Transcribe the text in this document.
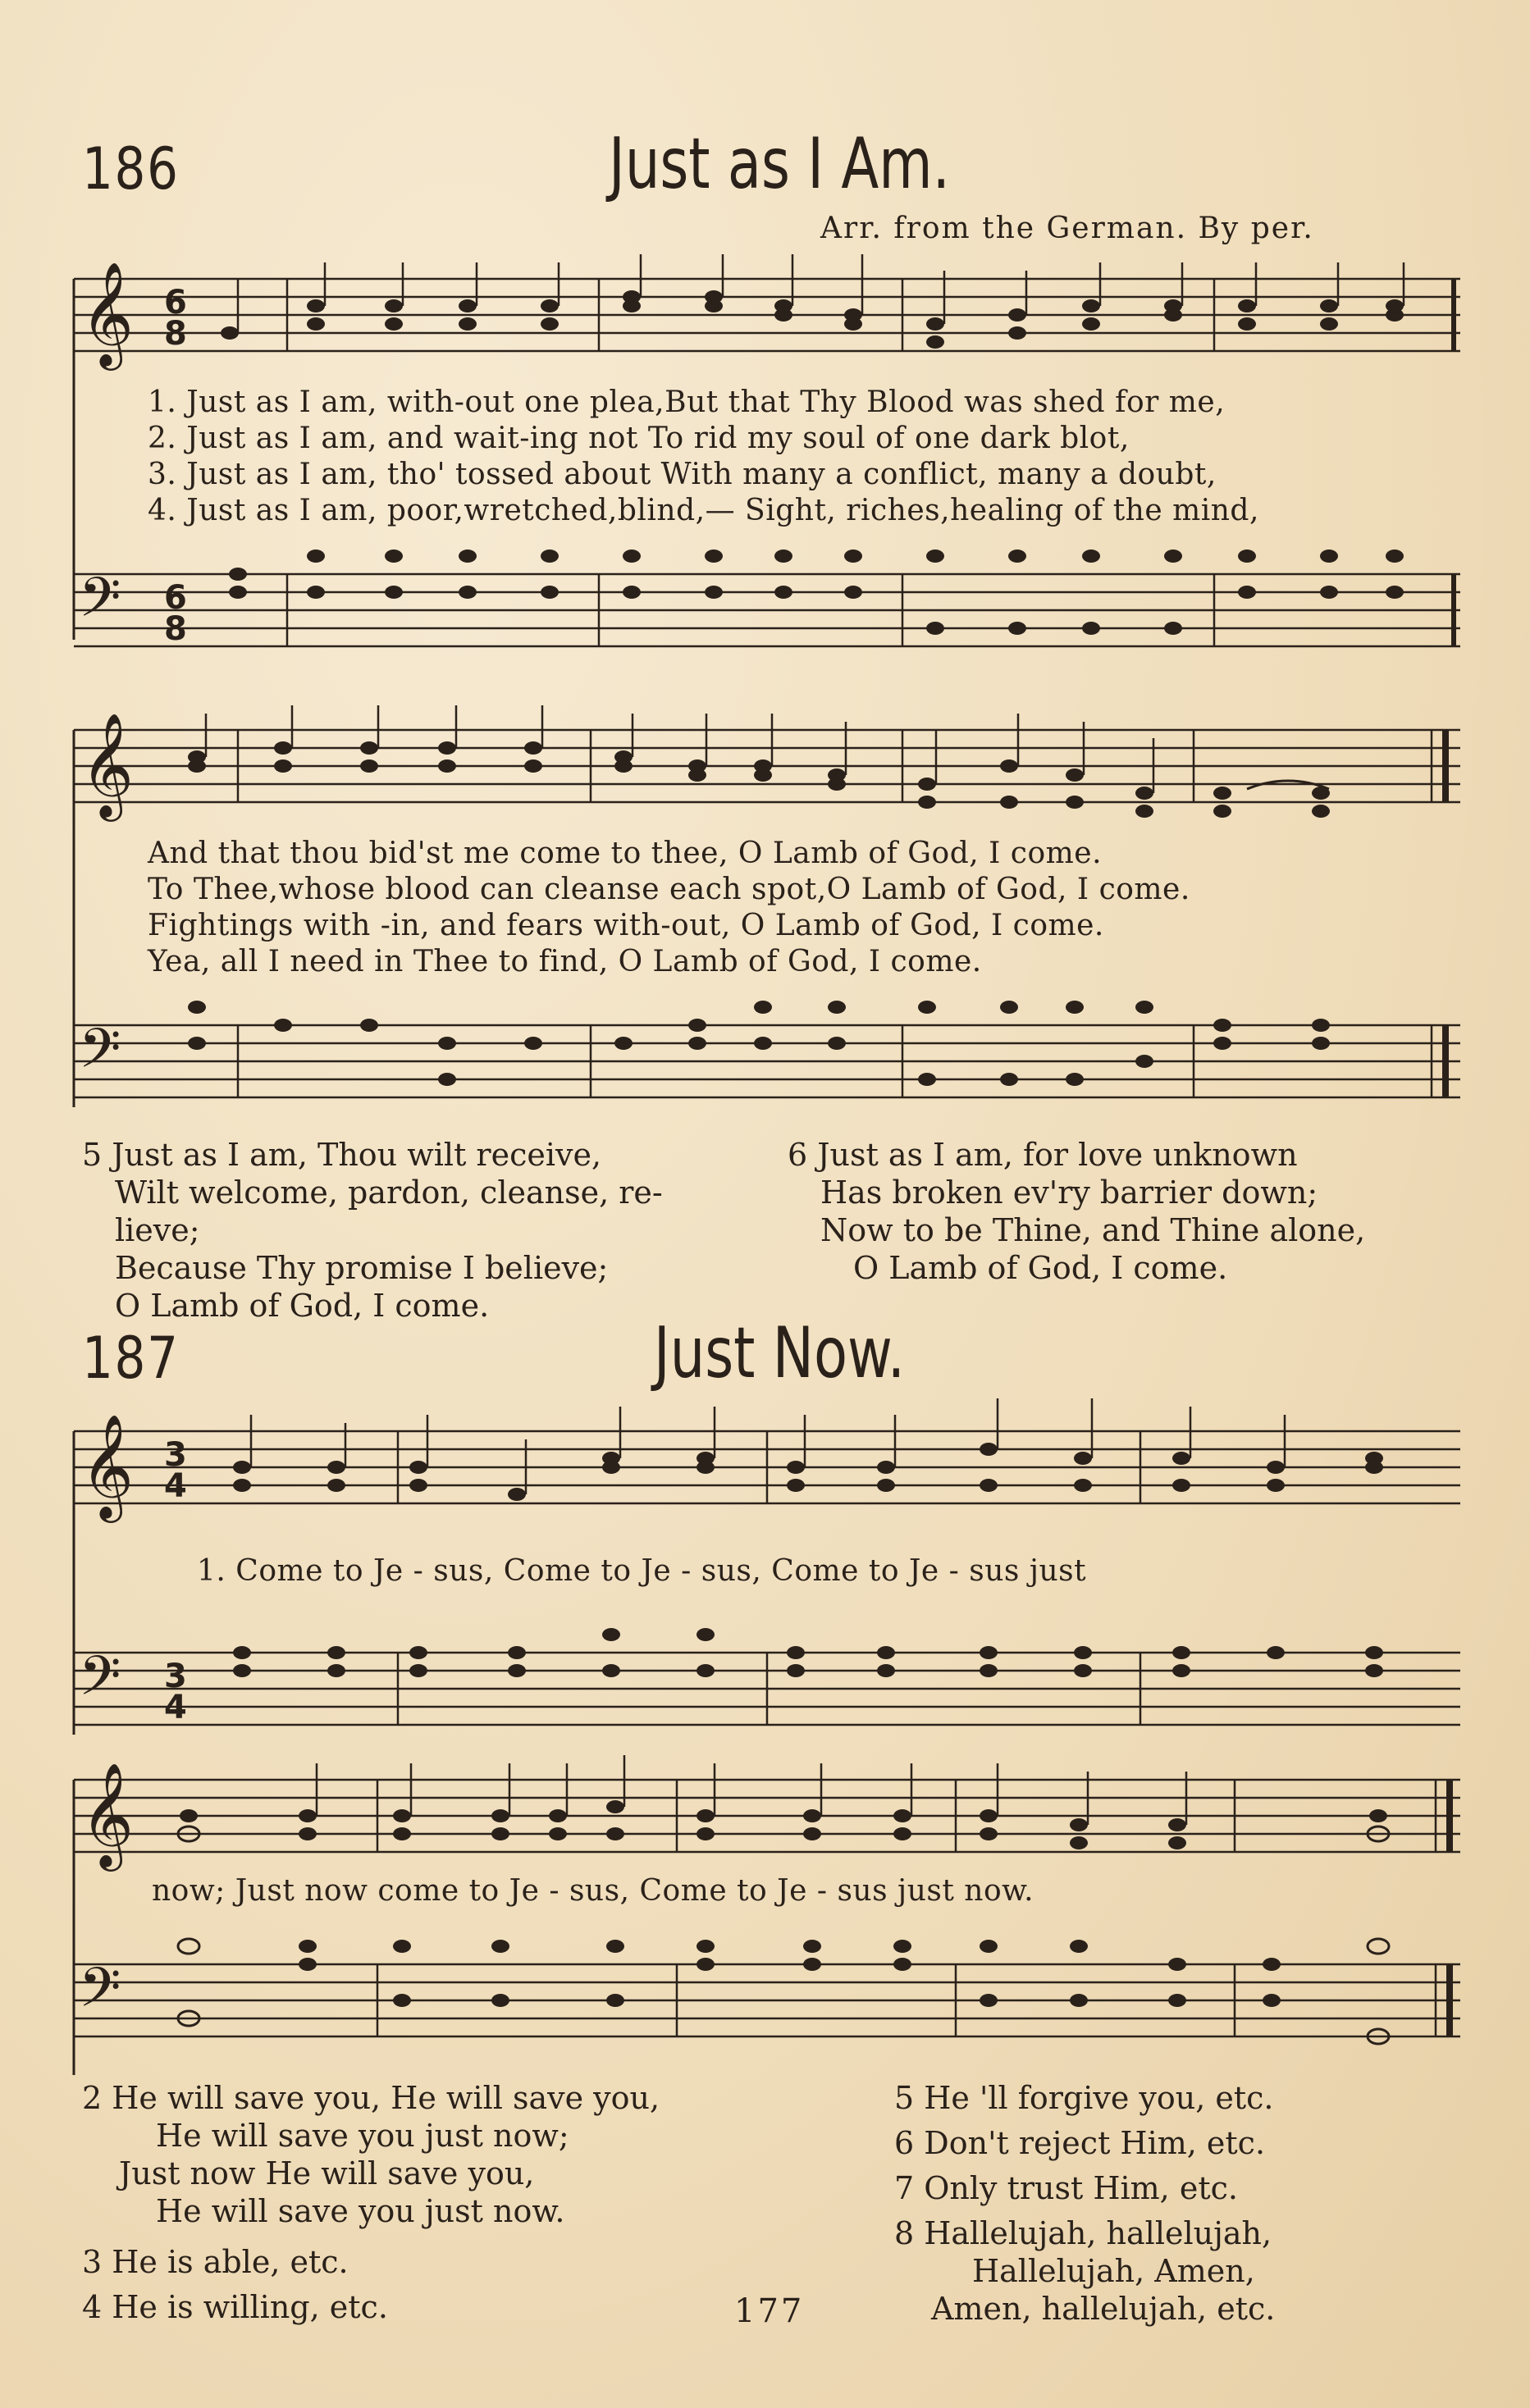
186	Just as I Am.
Arr. from the German. By per.
𝄞 6
8
1. Just as I am, with-out one plea,But that Thy Blood was shed for me,
2. Just as I am, and wait-ing not To rid my soul of one dark blot,
3. Just as I am, tho' tossed about With many a conflict, many a doubt,
4. Just as I am, poor,wretched,blind,— Sight, riches,healing of the mind,
𝄢 6
8
𝄞
And that thou bid'st me come to thee, O Lamb of God, I come.
To Thee,whose blood can cleanse each spot,O Lamb of God, I come.
Fightings with -in, and fears with-out, O Lamb of God, I come.
Yea, all I need in Thee to find, O Lamb of God, I come.
𝄢
5 Just as I am, Thou wilt receive,
Wilt welcome, pardon, cleanse, re-
lieve;
Because Thy promise I believe;
O Lamb of God, I come.
6 Just as I am, for love unknown
Has broken ev'ry barrier down;
Now to be Thine, and Thine alone,
O Lamb of God, I come.
187	Just Now.
𝄞 3
4
1. Come to Je - sus, Come to Je - sus, Come to Je - sus just
𝄢 3
4
𝄞
now; Just now come to Je - sus, Come to Je - sus just now.
𝄢
2 He will save you, He will save you,
He will save you just now;
Just now He will save you,
He will save you just now.
3 He is able, etc.
4 He is willing, etc.
5 He 'll forgive you, etc.
6 Don't reject Him, etc.
7 Only trust Him, etc.
8 Hallelujah, hallelujah,
Hallelujah, Amen,
Amen, hallelujah, etc.
177
